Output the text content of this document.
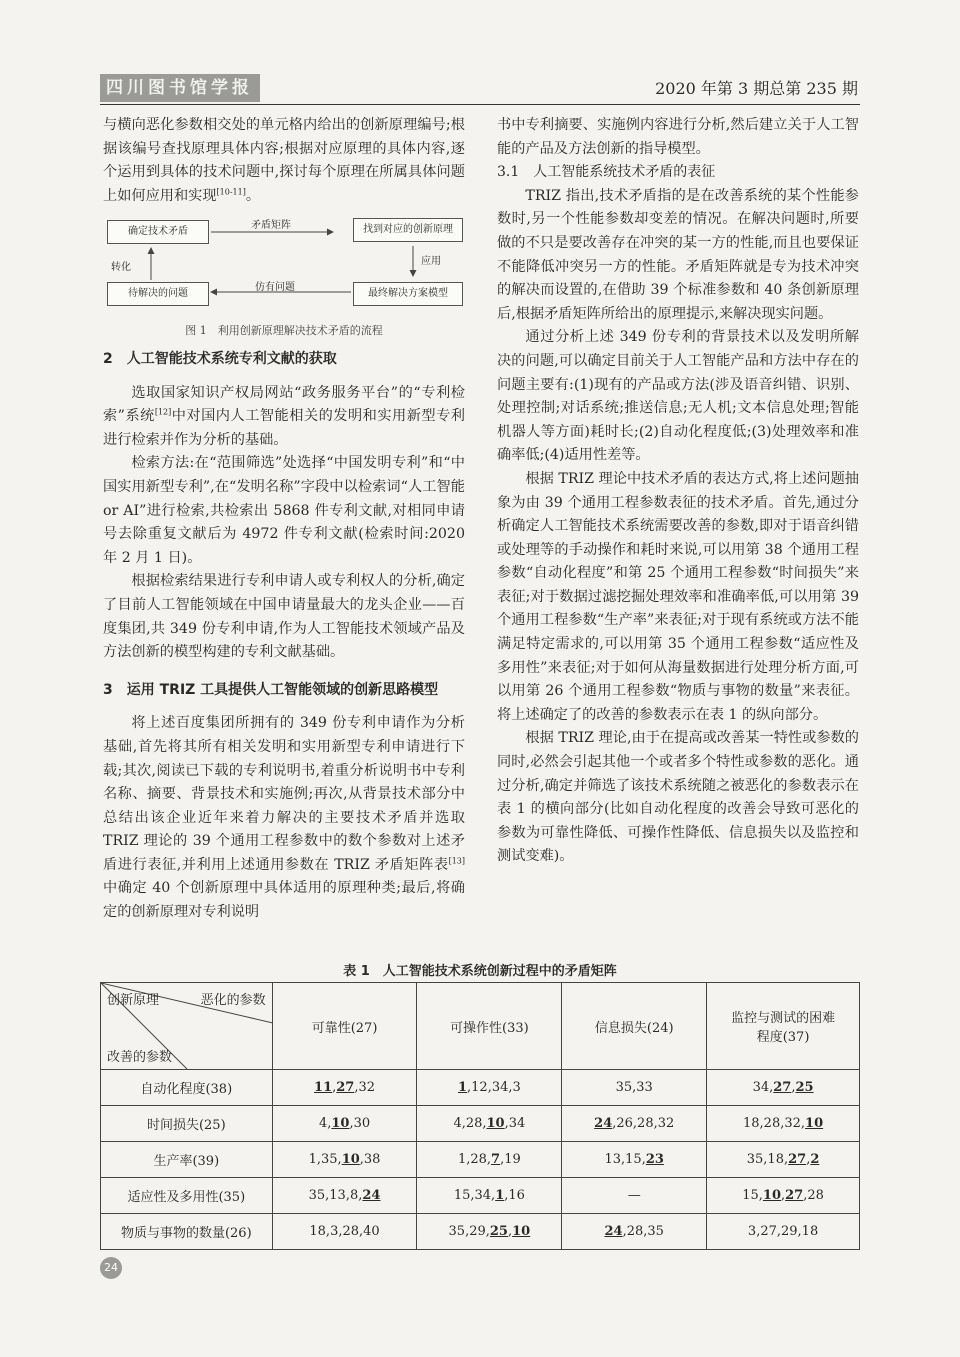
四川图书馆学报	2020 年第 3 期总第 235 期

与横向恶化参数相交处的单元格内给出的创新原理编号;根据该编号查找原理具体内容;根据对应原理的具体内容,逐个运用到具体的技术问题中,探讨每个原理在所属具体问题上如何应用和实现[10-11]。

确定技术矛盾	找到对应的创新原理
待解决的问题	最终解决方案模型
矛盾矩阵
应用
仿有问题
转化
图 1　利用创新原理解决技术矛盾的流程

2　人工智能技术系统专利文献的获取

选取国家知识产权局网站“政务服务平台”的“专利检索”系统[12]中对国内人工智能相关的发明和实用新型专利进行检索并作为分析的基础。

检索方法:在“范围筛选”处选择“中国发明专利”和“中国实用新型专利”,在“发明名称”字段中以检索词“人工智能 or AI”进行检索,共检索出 5868 件专利文献,对相同申请号去除重复文献后为 4972 件专利文献(检索时间:2020 年 2 月 1 日)。

根据检索结果进行专利申请人或专利权人的分析,确定了目前人工智能领域在中国申请量最大的龙头企业——百度集团,共 349 份专利申请,作为人工智能技术领域产品及方法创新的模型构建的专利文献基础。

3　运用 TRIZ 工具提供人工智能领域的创新思路模型

将上述百度集团所拥有的 349 份专利申请作为分析基础,首先将其所有相关发明和实用新型专利申请进行下载;其次,阅读已下载的专利说明书,着重分析说明书中专利名称、摘要、背景技术和实施例;再次,从背景技术部分中总结出该企业近年来着力解决的主要技术矛盾并选取 TRIZ 理论的 39 个通用工程参数中的数个参数对上述矛盾进行表征,并利用上述通用参数在 TRIZ 矛盾矩阵表[13]中确定 40 个创新原理中具体适用的原理种类;最后,将确定的创新原理对专利说明

书中专利摘要、实施例内容进行分析,然后建立关于人工智能的产品及方法创新的指导模型。

3.1　人工智能系统技术矛盾的表征

TRIZ 指出,技术矛盾指的是在改善系统的某个性能参数时,另一个性能参数却变差的情况。在解决问题时,所要做的不只是要改善存在冲突的某一方的性能,而且也要保证不能降低冲突另一方的性能。矛盾矩阵就是专为技术冲突的解决而设置的,在借助 39 个标准参数和 40 条创新原理后,根据矛盾矩阵所给出的原理提示,来解决现实问题。

通过分析上述 349 份专利的背景技术以及发明所解决的问题,可以确定目前关于人工智能产品和方法中存在的问题主要有:(1)现有的产品或方法(涉及语音纠错、识别、处理控制;对话系统;推送信息;无人机;文本信息处理;智能机器人等方面)耗时长;(2)自动化程度低;(3)处理效率和准确率低;(4)适用性差等。

根据 TRIZ 理论中技术矛盾的表达方式,将上述问题抽象为由 39 个通用工程参数表征的技术矛盾。首先,通过分析确定人工智能技术系统需要改善的参数,即对于语音纠错或处理等的手动操作和耗时来说,可以用第 38 个通用工程参数“自动化程度”和第 25 个通用工程参数“时间损失”来表征;对于数据过滤挖掘处理效率和准确率低,可以用第 39 个通用工程参数“生产率”来表征;对于现有系统或方法不能满足特定需求的,可以用第 35 个通用工程参数“适应性及多用性”来表征;对于如何从海量数据进行处理分析方面,可以用第 26 个通用工程参数“物质与事物的数量”来表征。将上述确定了的改善的参数表示在表 1 的纵向部分。

根据 TRIZ 理论,由于在提高或改善某一特性或参数的同时,必然会引起其他一个或者多个特性或参数的恶化。通过分析,确定并筛选了该技术系统随之被恶化的参数表示在表 1 的横向部分(比如自动化程度的改善会导致可恶化的参数为可靠性降低、可操作性降低、信息损失以及监控和测试变难)。

表 1　人工智能技术系统创新过程中的矛盾矩阵
创新原理 恶化的参数
改善的参数	可靠性(27)	可操作性(33)	信息损失(24)	监控与测试的困难程度(37)
自动化程度(38)	11,27,32	1,12,34,3	35,33	34,27,25
时间损失(25)	4,10,30	4,28,10,34	24,26,28,32	18,28,32,10
生产率(39)	1,35,10,38	1,28,7,19	13,15,23	35,18,27,2
适应性及多用性(35)	35,13,8,24	15,34,1,16	—	15,10,27,28
物质与事物的数量(26)	18,3,28,40	35,29,25,10	24,28,35	3,27,29,18
24
